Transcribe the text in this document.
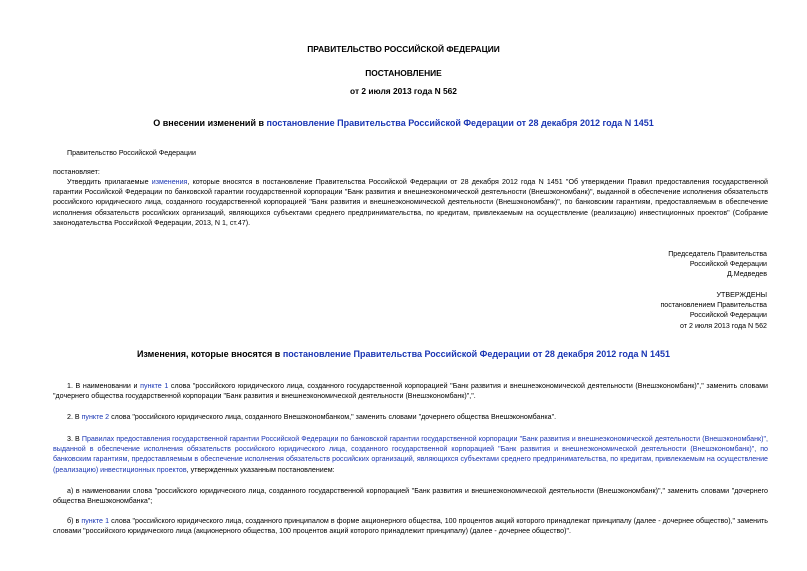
ПРАВИТЕЛЬСТВО РОССИЙСКОЙ ФЕДЕРАЦИИ
ПОСТАНОВЛЕНИЕ
от 2 июля 2013 года N 562
О внесении изменений в постановление Правительства Российской Федерации от 28 декабря 2012 года N 1451
Правительство Российской Федерации
постановляет:
Утвердить прилагаемые изменения, которые вносятся в постановление Правительства Российской Федерации от 28 декабря 2012 года N 1451 "Об утверждении Правил предоставления государственной гарантии Российской Федерации по банковской гарантии государственной корпорации "Банк развития и внешнеэкономической деятельности (Внешэкономбанк)", выданной в обеспечение исполнения обязательств российского юридического лица, созданного государственной корпорацией "Банк развития и внешнеэкономической деятельности (Внешэкономбанк)", по банковским гарантиям, предоставляемым в обеспечение исполнения обязательств российских организаций, являющихся субъектами среднего предпринимательства, по кредитам, привлекаемым на осуществление (реализацию) инвестиционных проектов" (Собрание законодательства Российской Федерации, 2013, N 1, ст.47).
Председатель Правительства
Российской Федерации
Д.Медведев
УТВЕРЖДЕНЫ
постановлением Правительства
Российской Федерации
от 2 июля 2013 года N 562
Изменения, которые вносятся в постановление Правительства Российской Федерации от 28 декабря 2012 года N 1451
1. В наименовании и пункте 1 слова "российского юридического лица, созданного государственной корпорацией "Банк развития и внешнеэкономической деятельности (Внешэкономбанк)"," заменить словами "дочернего общества государственной корпорации "Банк развития и внешнеэкономической деятельности (Внешэкономбанк)",".
2. В пункте 2 слова "российского юридического лица, созданного Внешэкономбанком," заменить словами "дочернего общества Внешэкономбанка".
3. В Правилах предоставления государственной гарантии Российской Федерации по банковской гарантии государственной корпорации "Банк развития и внешнеэкономической деятельности (Внешэкономбанк)", выданной в обеспечение исполнения обязательств российского юридического лица, созданного государственной корпорацией "Банк развития и внешнеэкономической деятельности (Внешэкономбанк)", по банковским гарантиям, предоставляемым в обеспечение исполнения обязательств российских организаций, являющихся субъектами среднего предпринимательства, по кредитам, привлекаемым на осуществление (реализацию) инвестиционных проектов, утвержденных указанным постановлением:
а) в наименовании слова "российского юридического лица, созданного государственной корпорацией "Банк развития и внешнеэкономической деятельности (Внешэкономбанк)"," заменить словами "дочернего общества Внешэкономбанка";
б) в пункте 1 слова "российского юридического лица, созданного принципалом в форме акционерного общества, 100 процентов акций которого принадлежат принципалу (далее - дочернее общество)," заменить словами "российского юридического лица (акционерного общества, 100 процентов акций которого принадлежит принципалу) (далее - дочернее общество)".
